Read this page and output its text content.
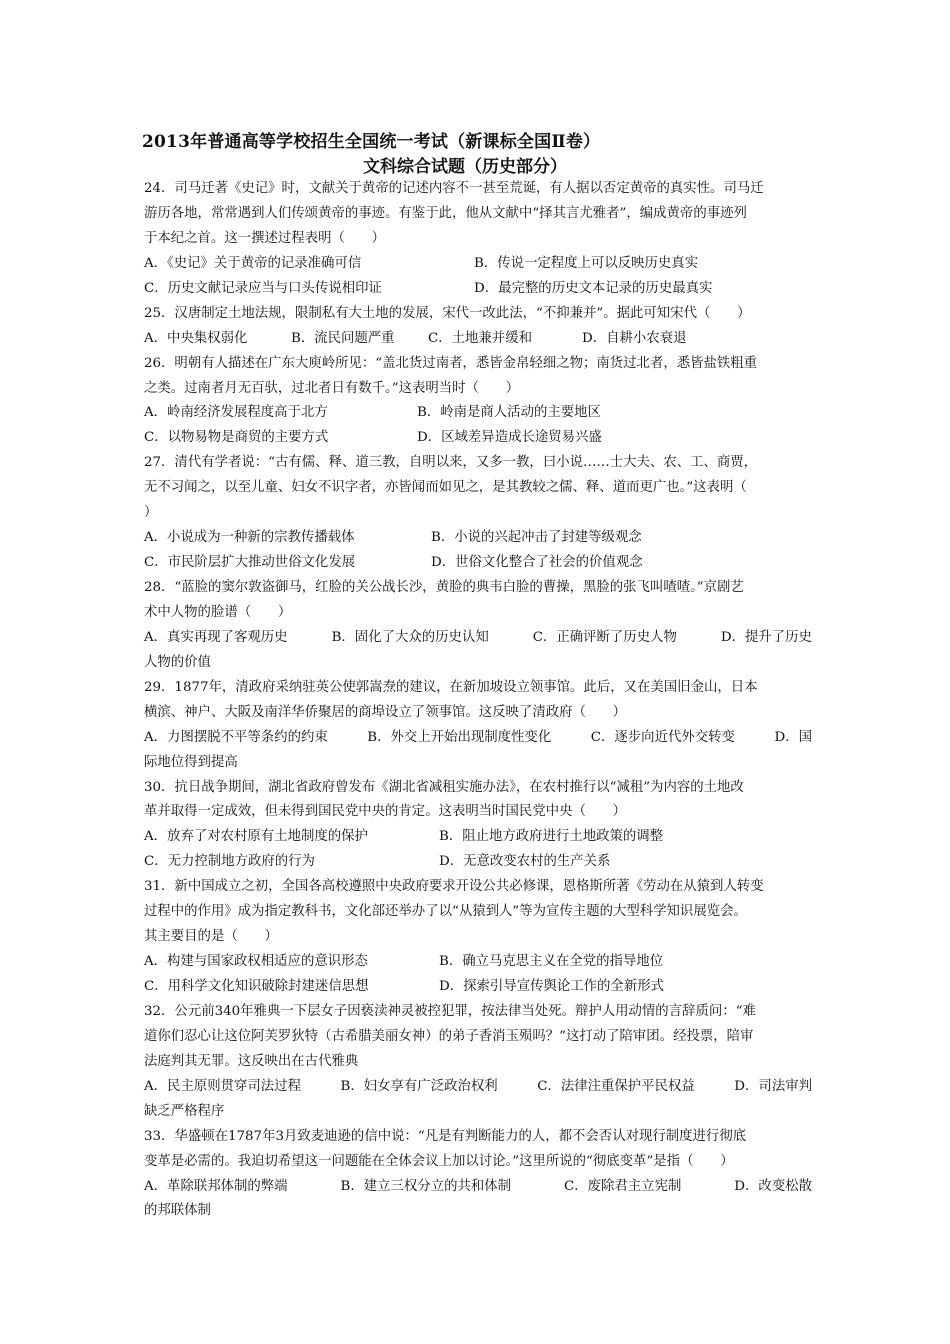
2013年普通高等学校招生全国统一考试（新课标全国Ⅱ卷）
文科综合试题（历史部分）
24．司马迁著《史记》时，文献关于黄帝的记述内容不一甚至荒诞，有人据以否定黄帝的真实性。司马迁
游历各地，常常遇到人们传颂黄帝的事迹。有鉴于此，他从文献中“择其言尤雅者”，编成黄帝的事迹列
于本纪之首。这一撰述过程表明（　　）
A．《史记》关于黄帝的记录准确可信	B．传说一定程度上可以反映历史真实
C．历史文献记录应当与口头传说相印证	D．最完整的历史文本记录的历史最真实
25．汉唐制定土地法规，限制私有大土地的发展，宋代一改此法，“不抑兼并”。据此可知宋代（　　）
A．中央集权弱化	B．流民问题严重	C．土地兼并缓和	D．自耕小农衰退
26．明朝有人描述在广东大庾岭所见：“盖北货过南者，悉皆金帛轻细之物；南货过北者，悉皆盐铁粗重
之类。过南者月无百驮，过北者日有数千。”这表明当时（　　）
A．岭南经济发展程度高于北方	B．岭南是商人活动的主要地区
C．以物易物是商贸的主要方式	D．区域差异造成长途贸易兴盛
27．清代有学者说：“古有儒、释、道三教，自明以来，又多一教，曰小说……士大夫、农、工、商贾，
无不习闻之，以至儿童、妇女不识字者，亦皆闻而如见之，是其教较之儒、释、道而更广也。”这表明（
）
A．小说成为一种新的宗教传播载体	B．小说的兴起冲击了封建等级观念
C．市民阶层扩大推动世俗文化发展	D．世俗文化整合了社会的价值观念
28．“蓝脸的窦尔敦盗御马，红脸的关公战长沙，黄脸的典韦白脸的曹操，黑脸的张飞叫喳喳。”京剧艺
术中人物的脸谱（　　）
A．真实再现了客观历史	B．固化了大众的历史认知	C．正确评断了历史人物	D．提升了历史
人物的价值
29．1877年，清政府采纳驻英公使郭嵩焘的建议，在新加坡设立领事馆。此后，又在美国旧金山，日本
横滨、神户、大阪及南洋华侨聚居的商埠设立了领事馆。这反映了清政府（　　）
A．力图摆脱不平等条约的约束	B．外交上开始出现制度性变化	C．逐步向近代外交转变	D．国
际地位得到提高
30．抗日战争期间，湖北省政府曾发布《湖北省减租实施办法》，在农村推行以“减租”为内容的土地改
革并取得一定成效，但未得到国民党中央的肯定。这表明当时国民党中央（　　）
A．放弃了对农村原有土地制度的保护	B．阻止地方政府进行土地政策的调整
C．无力控制地方政府的行为	D．无意改变农村的生产关系
31．新中国成立之初，全国各高校遵照中央政府要求开设公共必修课，恩格斯所著《劳动在从猿到人转变
过程中的作用》成为指定教科书，文化部还举办了以“从猿到人”等为宣传主题的大型科学知识展览会。
其主要目的是（　　）
A．构建与国家政权相适应的意识形态	B．确立马克思主义在全党的指导地位
C．用科学文化知识破除封建迷信思想	D．探索引导宣传舆论工作的全新形式
32．公元前340年雅典一下层女子因亵渎神灵被控犯罪，按法律当处死。辩护人用动情的言辞质问：“难
道你们忍心让这位阿芙罗狄特（古希腊美丽女神）的弟子香消玉殒吗？”这打动了陪审团。经投票，陪审
法庭判其无罪。这反映出在古代雅典
A．民主原则贯穿司法过程	B．妇女享有广泛政治权利	C．法律注重保护平民权益	D．司法审判
缺乏严格程序
33．华盛顿在1787年3月致麦迪逊的信中说：“凡是有判断能力的人，都不会否认对现行制度进行彻底
变革是必需的。我迫切希望这一问题能在全体会议上加以讨论。”这里所说的“彻底变革”是指（　　）
A．革除联邦体制的弊端	B．建立三权分立的共和体制	C．废除君主立宪制	D．改变松散
的邦联体制
